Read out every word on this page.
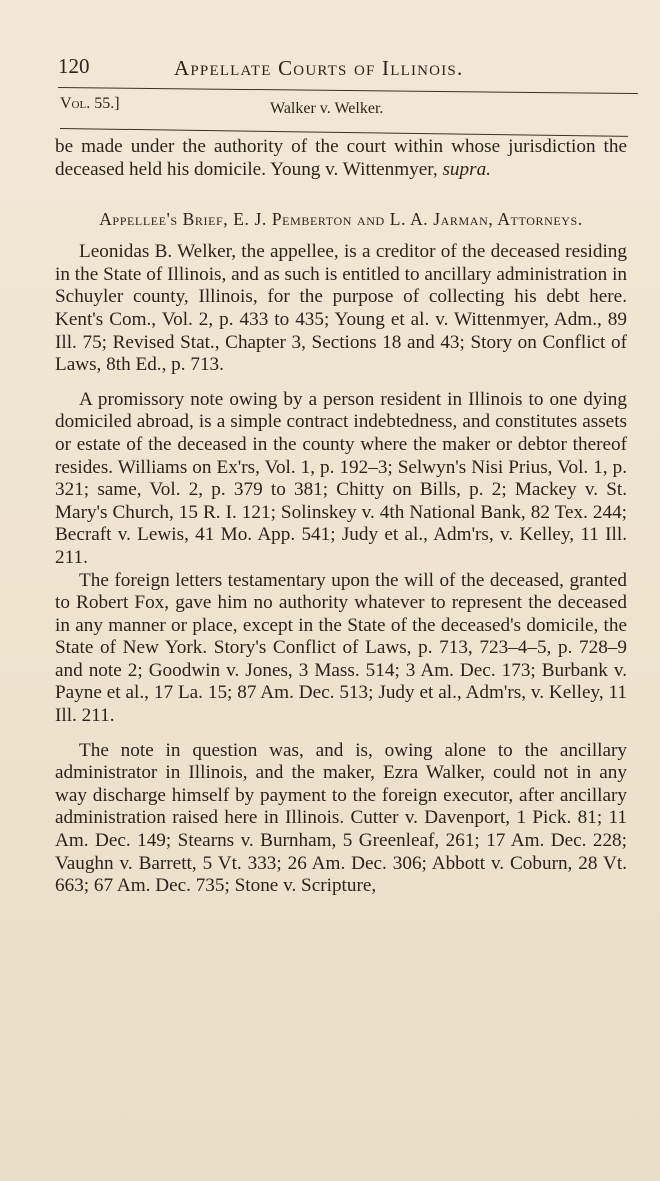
120	Appellate Courts of Illinois.
Vol. 55.]	Walker v. Welker.

be made under the authority of the court within whose jurisdiction the deceased held his domicile. Young v. Wittenmyer, supra.

Appellee's Brief, E. J. Pemberton and L. A. Jarman, Attorneys.

Leonidas B. Welker, the appellee, is a creditor of the deceased residing in the State of Illinois, and as such is entitled to ancillary administration in Schuyler county, Illinois, for the purpose of collecting his debt here. Kent's Com., Vol. 2, p. 433 to 435; Young et al. v. Wittenmyer, Adm., 89 Ill. 75; Revised Stat., Chapter 3, Sections 18 and 43; Story on Conflict of Laws, 8th Ed., p. 713.

A promissory note owing by a person resident in Illinois to one dying domiciled abroad, is a simple contract indebtedness, and constitutes assets or estate of the deceased in the county where the maker or debtor thereof resides. Williams on Ex'rs, Vol. 1, p. 192–3; Selwyn's Nisi Prius, Vol. 1, p. 321; same, Vol. 2, p. 379 to 381; Chitty on Bills, p. 2; Mackey v. St. Mary's Church, 15 R. I. 121; Solinskey v. 4th National Bank, 82 Tex. 244; Becraft v. Lewis, 41 Mo. App. 541; Judy et al., Adm'rs, v. Kelley, 11 Ill. 211.

The foreign letters testamentary upon the will of the deceased, granted to Robert Fox, gave him no authority whatever to represent the deceased in any manner or place, except in the State of the deceased's domicile, the State of New York. Story's Conflict of Laws, p. 713, 723–4–5, p. 728–9 and note 2; Goodwin v. Jones, 3 Mass. 514; 3 Am. Dec. 173; Burbank v. Payne et al., 17 La. 15; 87 Am. Dec. 513; Judy et al., Adm'rs, v. Kelley, 11 Ill. 211.

The note in question was, and is, owing alone to the ancillary administrator in Illinois, and the maker, Ezra Walker, could not in any way discharge himself by payment to the foreign executor, after ancillary administration raised here in Illinois. Cutter v. Davenport, 1 Pick. 81; 11 Am. Dec. 149; Stearns v. Burnham, 5 Greenleaf, 261; 17 Am. Dec. 228; Vaughn v. Barrett, 5 Vt. 333; 26 Am. Dec. 306; Abbott v. Coburn, 28 Vt. 663; 67 Am. Dec. 735; Stone v. Scripture,
